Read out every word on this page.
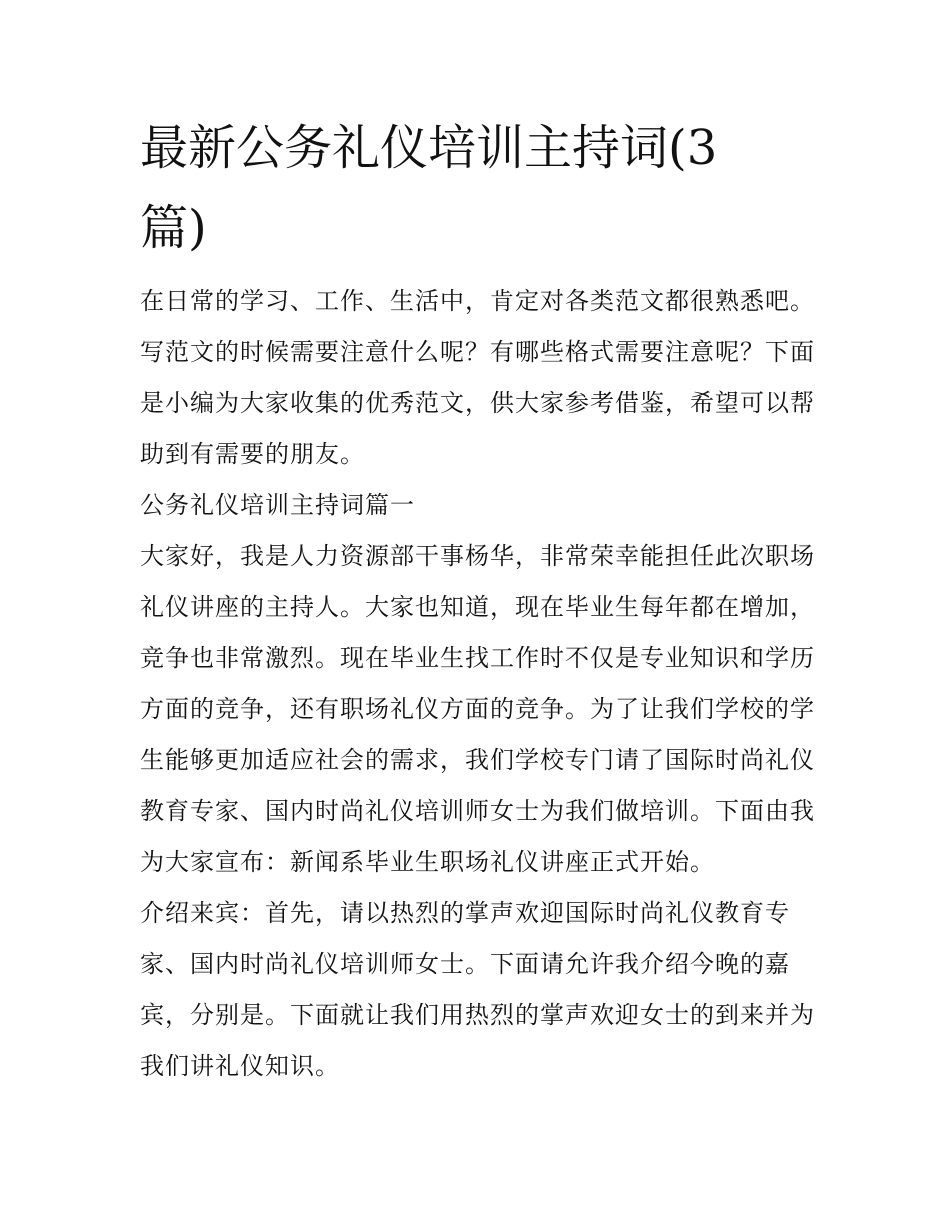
最新公务礼仪培训主持词(3篇)

在日常的学习、工作、生活中，肯定对各类范文都很熟悉吧。写范文的时候需要注意什么呢？有哪些格式需要注意呢？下面是小编为大家收集的优秀范文，供大家参考借鉴，希望可以帮助到有需要的朋友。

公务礼仪培训主持词篇一

大家好，我是人力资源部干事杨华，非常荣幸能担任此次职场礼仪讲座的主持人。大家也知道，现在毕业生每年都在增加，竞争也非常激烈。现在毕业生找工作时不仅是专业知识和学历方面的竞争，还有职场礼仪方面的竞争。为了让我们学校的学生能够更加适应社会的需求，我们学校专门请了国际时尚礼仪教育专家、国内时尚礼仪培训师女士为我们做培训。下面由我为大家宣布：新闻系毕业生职场礼仪讲座正式开始。

介绍来宾：首先，请以热烈的掌声欢迎国际时尚礼仪教育专家、国内时尚礼仪培训师女士。下面请允许我介绍今晚的嘉宾，分别是。下面就让我们用热烈的掌声欢迎女士的到来并为我们讲礼仪知识。
